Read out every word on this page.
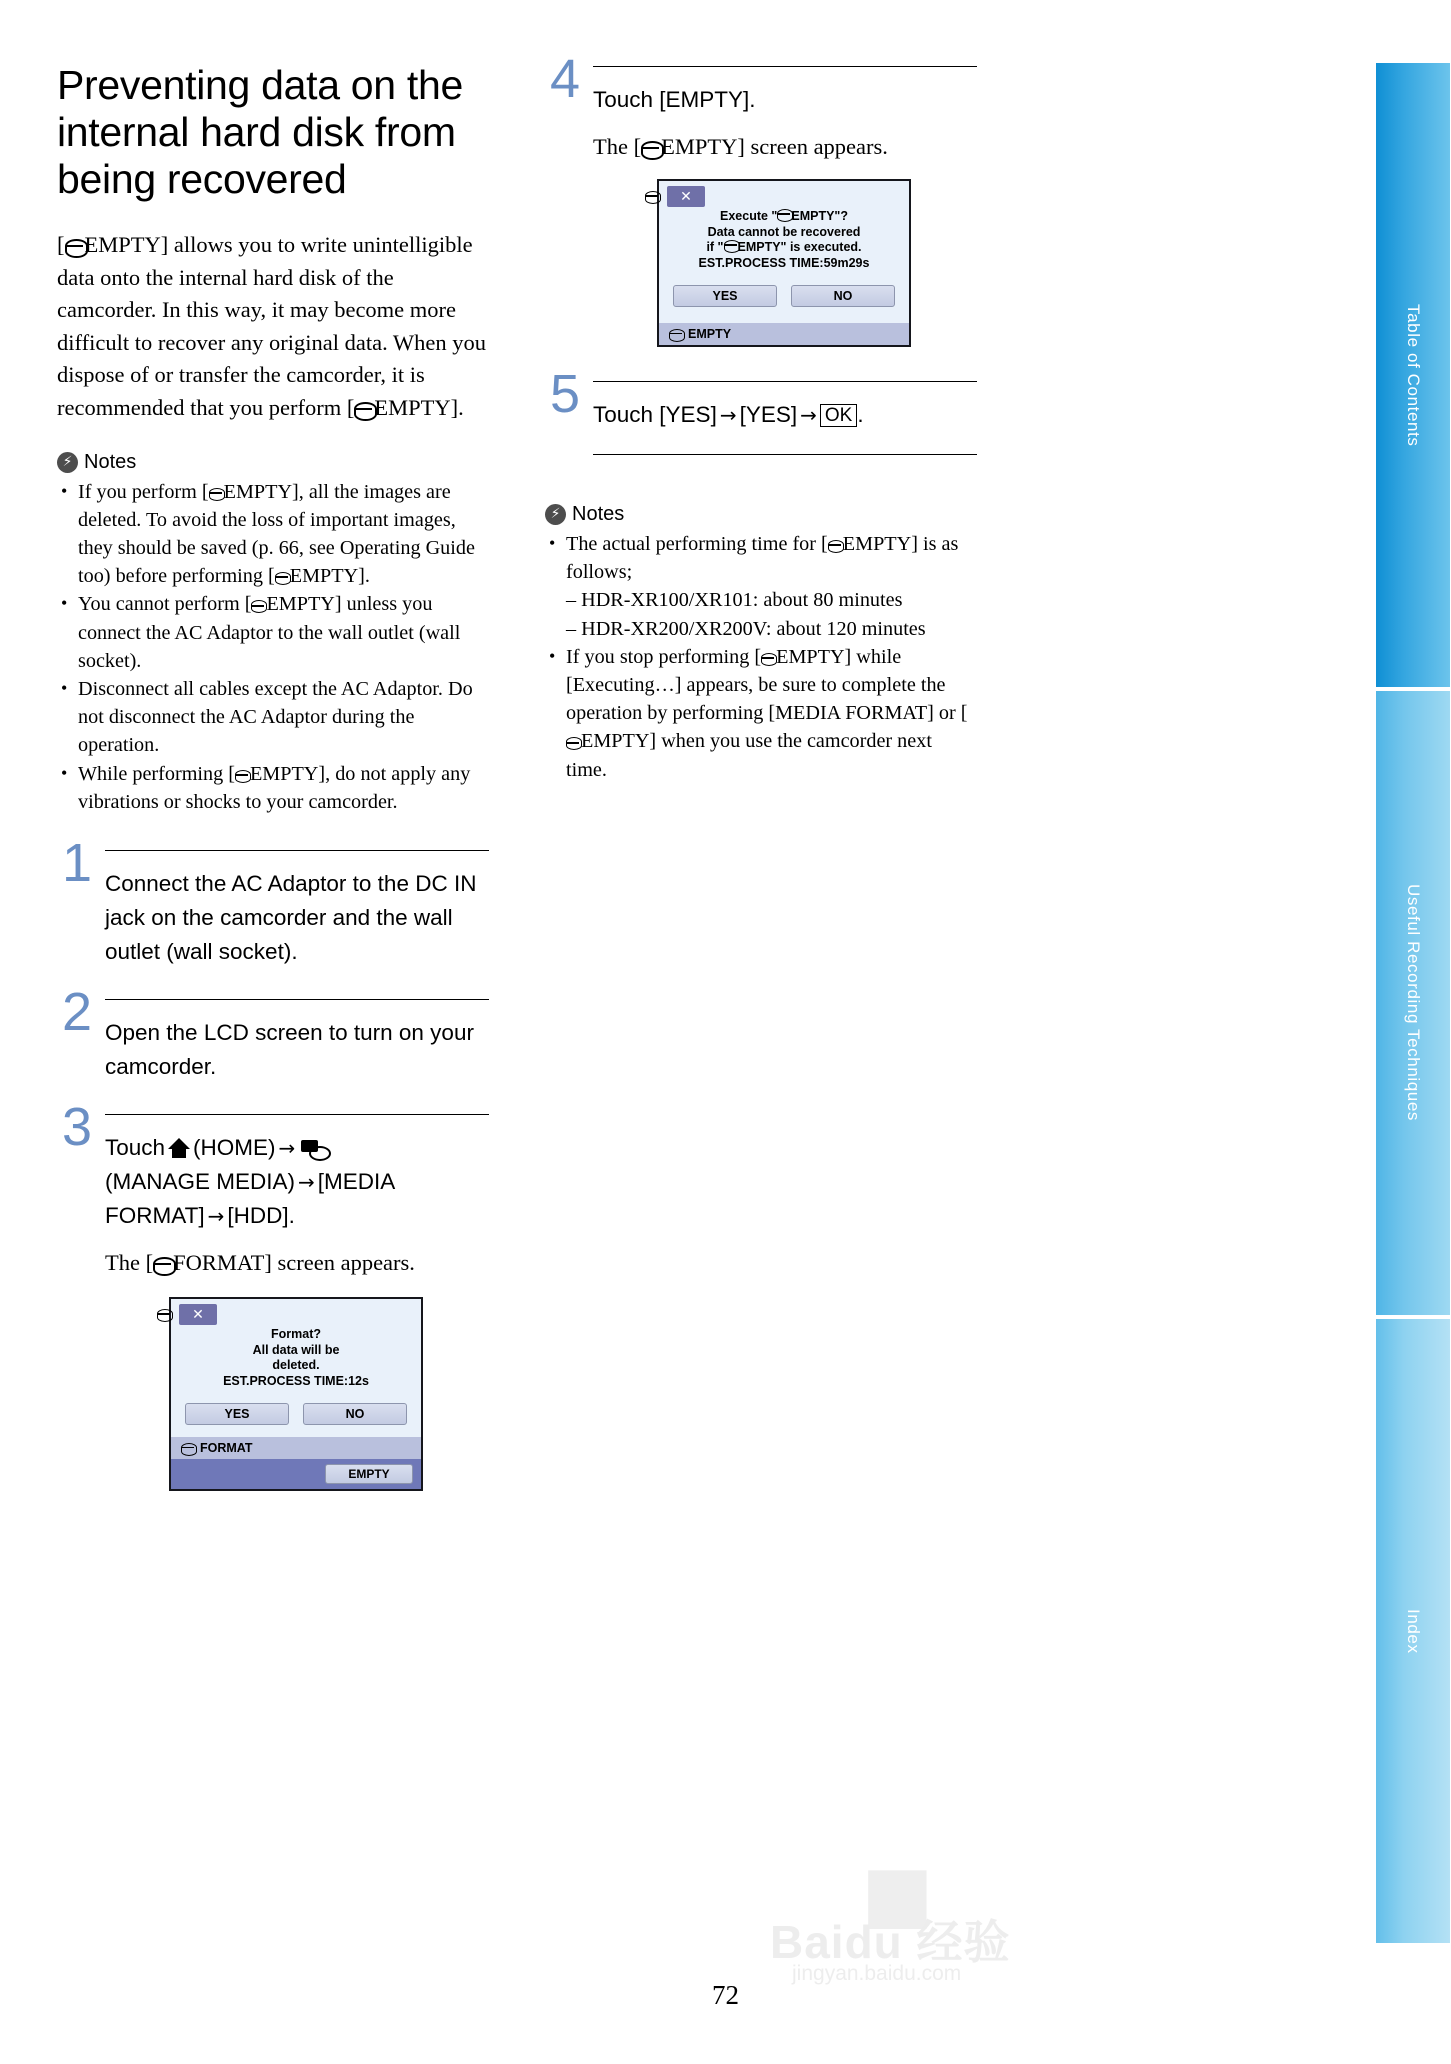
Table of Contents
Useful Recording Techniques
Index
Preventing data on the internal hard disk from being recovered

[ EMPTY] allows you to write unintelligible data onto the internal hard disk of the camcorder. In this way, it may become more difficult to recover any original data. When you dispose of or transfer the camcorder, it is recommended that you perform [ EMPTY].

⚡
Notes
• If you perform [ EMPTY], all the images are deleted. To avoid the loss of important images, they should be saved (p. 66, see Operating Guide too) before performing [ EMPTY].
• You cannot perform [ EMPTY] unless you connect the AC Adaptor to the wall outlet (wall socket).
• Disconnect all cables except the AC Adaptor. Do not disconnect the AC Adaptor during the operation.
• While performing [ EMPTY], do not apply any vibrations or shocks to your camcorder.
1 Connect the AC Adaptor to the DC IN jack on the camcorder and the wall outlet (wall socket).
2 Open the LCD screen to turn on your camcorder.
3 Touch (HOME) →
(MANAGE MEDIA) → [MEDIA FORMAT] → [HDD].
The [ FORMAT] screen appears.
✕
Format?
All data will be
deleted.
EST.PROCESS TIME:12s
YES	NO
FORMAT
EMPTY
4 Touch [EMPTY].
The [ EMPTY] screen appears.
✕
Execute " EMPTY"?
Data cannot be recovered
if " EMPTY" is executed.
EST.PROCESS TIME:59m29s
YES	NO
EMPTY
5 Touch [YES] → [YES] → OK .
⚡
Notes
• The actual performing time for [ EMPTY] is as follows;
– HDR-XR100/XR101: about 80 minutes
– HDR-XR200/XR200V: about 120 minutes
• If you stop performing [ EMPTY] while [Executing…] appears, be sure to complete the operation by performing [MEDIA FORMAT] or [EMPTY] when you use the camcorder next time.
◼
Baidu 经验
jingyan.baidu.com
72
